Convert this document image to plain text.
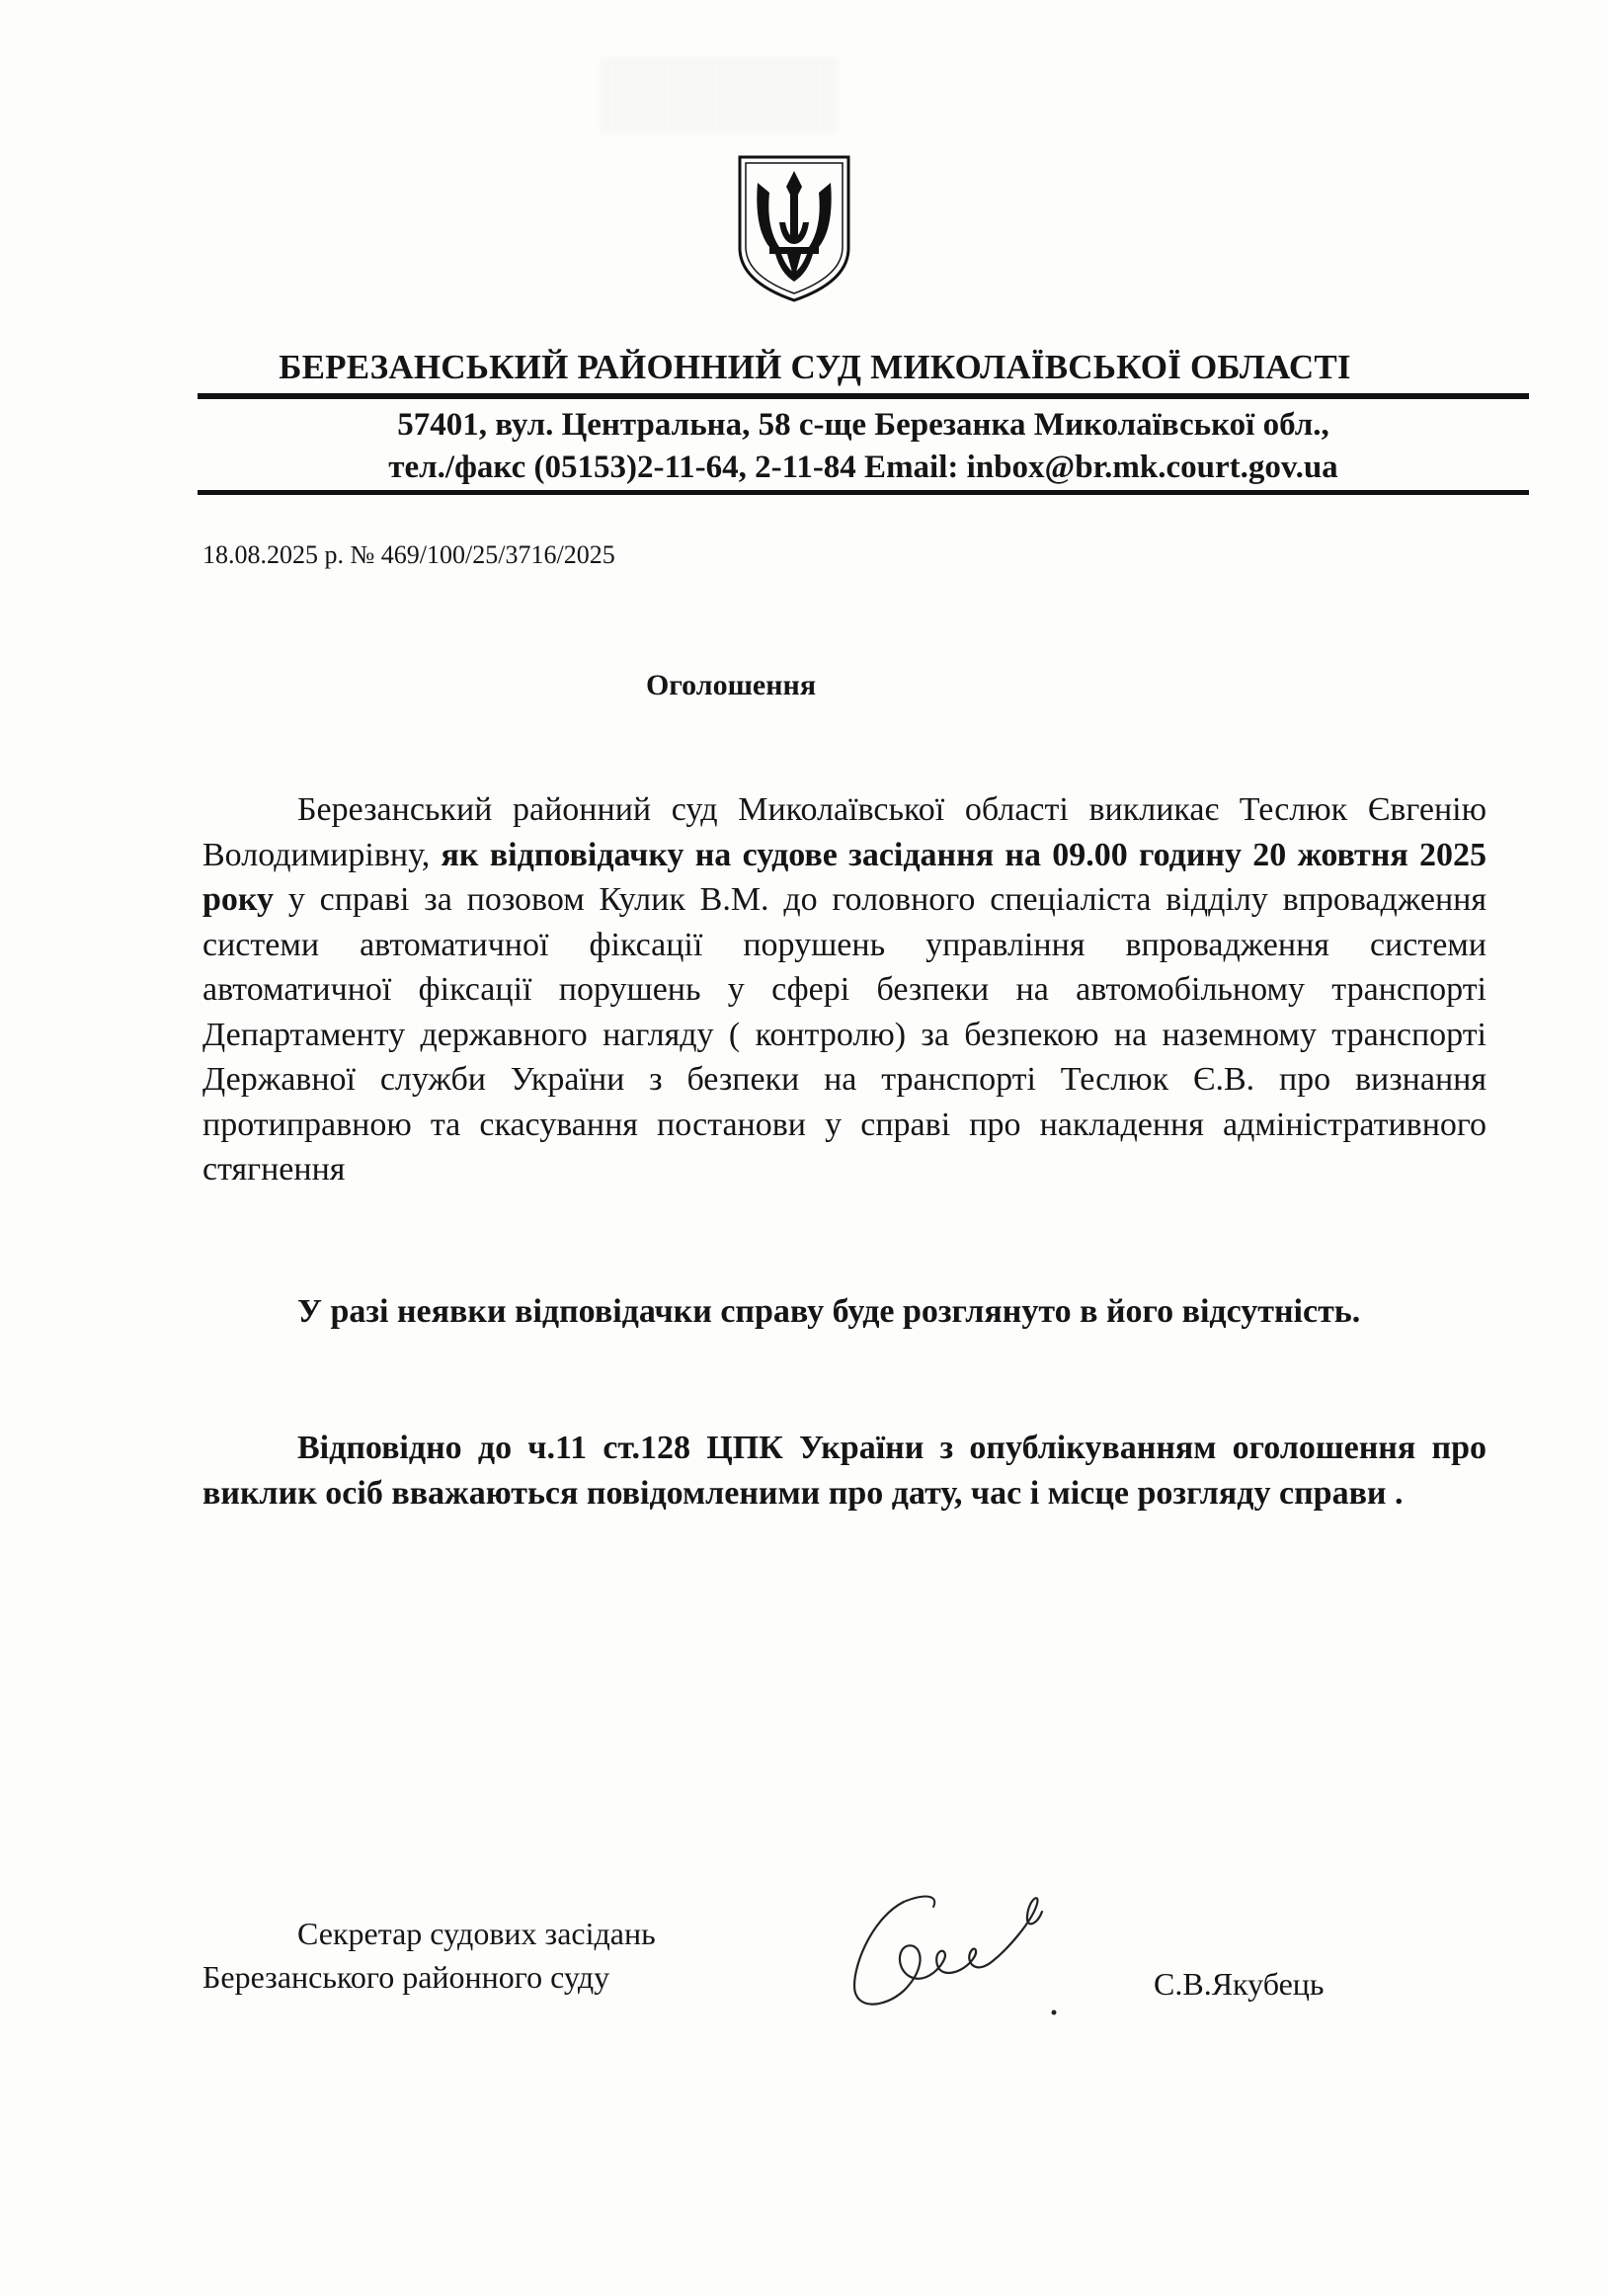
БЕРЕЗАНСЬКИЙ РАЙОННИЙ СУД МИКОЛАЇВСЬКОЇ ОБЛАСТІ
57401, вул. Центральна, 58 с-ще Березанка Миколаївської обл.,
тел./факс (05153)2-11-64, 2-11-84 Email: inbox@br.mk.court.gov.ua
18.08.2025 р. № 469/100/25/3716/2025
Оголошення
Березанський районний суд Миколаївської області викликає Теслюк Євгенію Володимирівну, як відповідачку на судове засідання на 09.00 годину 20 жовтня 2025 року у справі за позовом Кулик В.М. до головного спеціаліста відділу впровадження системи автоматичної фіксації порушень управління впровадження системи автоматичної фіксації порушень у сфері безпеки на автомобільному транспорті Департаменту державного нагляду ( контролю) за безпекою на наземному транспорті Державної служби України з безпеки на транспорті Теслюк Є.В. про визнання протиправною та скасування постанови у справі про накладення адміністративного стягнення
У разі неявки відповідачки справу буде розглянуто в його відсутність.
Відповідно до ч.11 ст.128 ЦПК України з опублікуванням оголошення про виклик осіб вважаються повідомленими про дату, час і місце розгляду справи .
Секретар судових засідань
Березанського районного суду	С.В.Якубець
